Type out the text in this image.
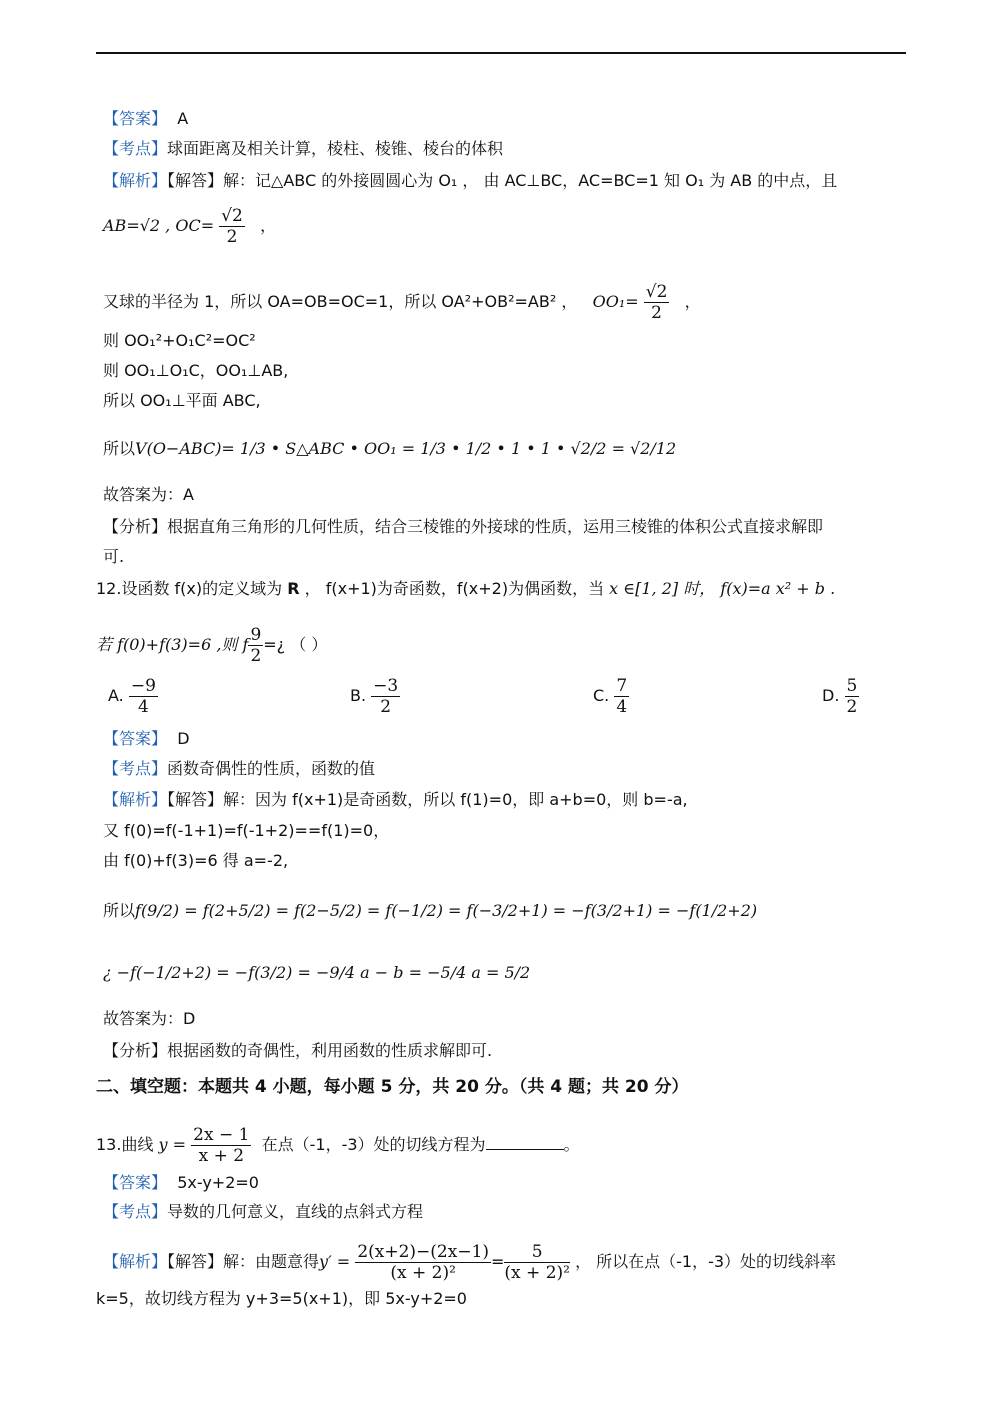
【答案】 A
【考点】球面距离及相关计算，棱柱、棱锥、棱台的体积
【解析】【解答】解：记△ABC 的外接圆圆心为 O₁ ， 由 AC⊥BC，AC=BC=1 知 O₁ 为 AB 的中点，且
AB=√2 , $OC= \frac{√2}{2}$ ，
又球的半径为 1，所以 OA=OB=OC=1，所以 OA²+OB²=AB² ， $OO_1= \frac{√2}{2}$ ，
则 OO₁²+O₁C²=OC²
则 OO₁⊥O₁C，OO₁⊥AB,
所以 OO₁⊥平面 ABC,
所以V(O−ABC)= 1/3 • S△ABC • OO₁ = 1/3 • 1/2 • 1 • 1 • √2/2 = √2/12
故答案为：A
【分析】根据直角三角形的几何性质，结合三棱锥的外接球的性质，运用三棱锥的体积公式直接求解即
可.
12.设函数 f(x)的定义域为 R ， f(x+1)为奇函数，f(x+2)为偶函数，当 x ∈[1, 2] 时， f(x)=a x² + b .
若 f(0)+f(3)=6 ,则 f $\frac{9}{2}$ =¿ （ ）
A. $\frac{-9}{4}$	B. $\frac{-3}{2}$	C. $\frac{7}{4}$	D. $\frac{5}{2}$
【答案】 D
【考点】函数奇偶性的性质，函数的值
【解析】【解答】解：因为 f(x+1)是奇函数，所以 f(1)=0，即 a+b=0，则 b=-a,
又 f(0)=f(-1+1)=f(-1+2)==f(1)=0，
由 f(0)+f(3)=6 得 a=-2,
所以f(9/2) = f(2+5/2) = f(2−5/2) = f(−1/2) = f(−3/2+1) = −f(3/2+1) = −f(1/2+2)
¿ −f(−1/2+2) = −f(3/2) = −9/4 a − b = −5/4 a = 5/2
故答案为：D
【分析】根据函数的奇偶性，利用函数的性质求解即可.
二、填空题：本题共 4 小题，每小题 5 分，共 20 分。（共 4 题；共 20 分）
13.曲线 $y = \frac{2x - 1}{x + 2}$ 在点（-1，-3）处的切线方程为	。
【答案】 5x-y+2=0
【考点】导数的几何意义，直线的点斜式方程
【解析】【解答】解：由题意得$y' = \frac{2(x+2)-(2x-1)}{\text{(x + 2)²}} = \frac{5}{\text{(x + 2)²}}$ ， 所以在点（-1，-3）处的切线斜率
k=5，故切线方程为 y+3=5(x+1)，即 5x-y+2=0
